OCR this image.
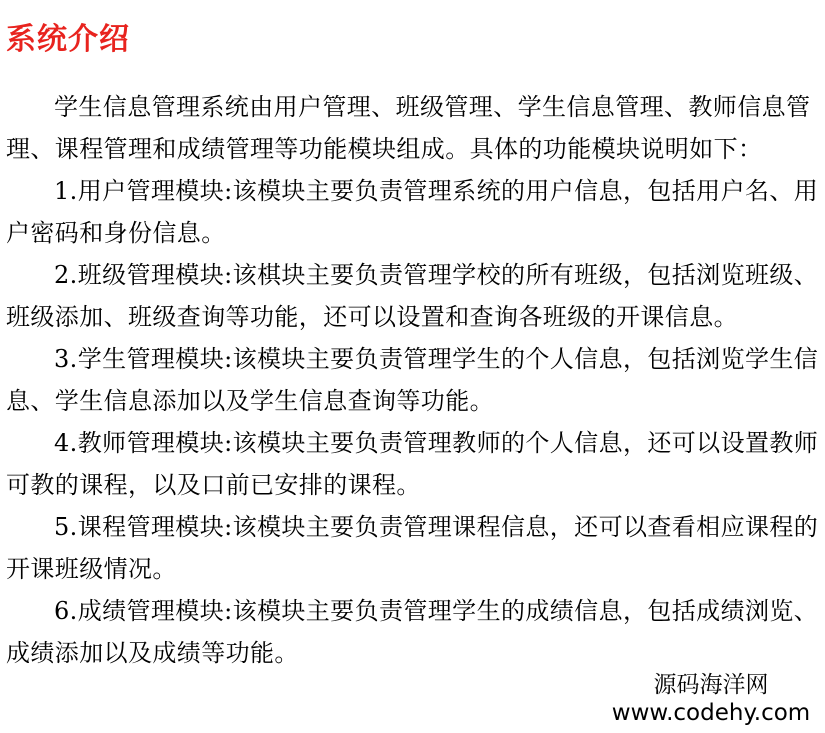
系统介绍

学生信息管理系统由用户管理、班级管理、学生信息管理、教师信息管理、课程管理和成绩管理等功能模块组成。具体的功能模块说明如下：

1.用户管理模块:该模块主要负责管理系统的用户信息，包括用户名、用户密码和身份信息。

2.班级管理模块:该棋块主要负责管理学校的所有班级，包括浏览班级、班级添加、班级查询等功能，还可以设置和查询各班级的开课信息。

3.学生管理模块:该模块主要负责管理学生的个人信息，包括浏览学生信息、学生信息添加以及学生信息查询等功能。

4.教师管理模块:该模块主要负责管理教师的个人信息，还可以设置教师可教的课程，以及口前已安排的课程。

5.课程管理模块:该模块主要负责管理课程信息，还可以查看相应课程的开课班级情况。

6.成绩管理模块:该模块主要负责管理学生的成绩信息，包括成绩浏览、成绩添加以及成绩等功能。

源码海洋网
www.codehy.com
